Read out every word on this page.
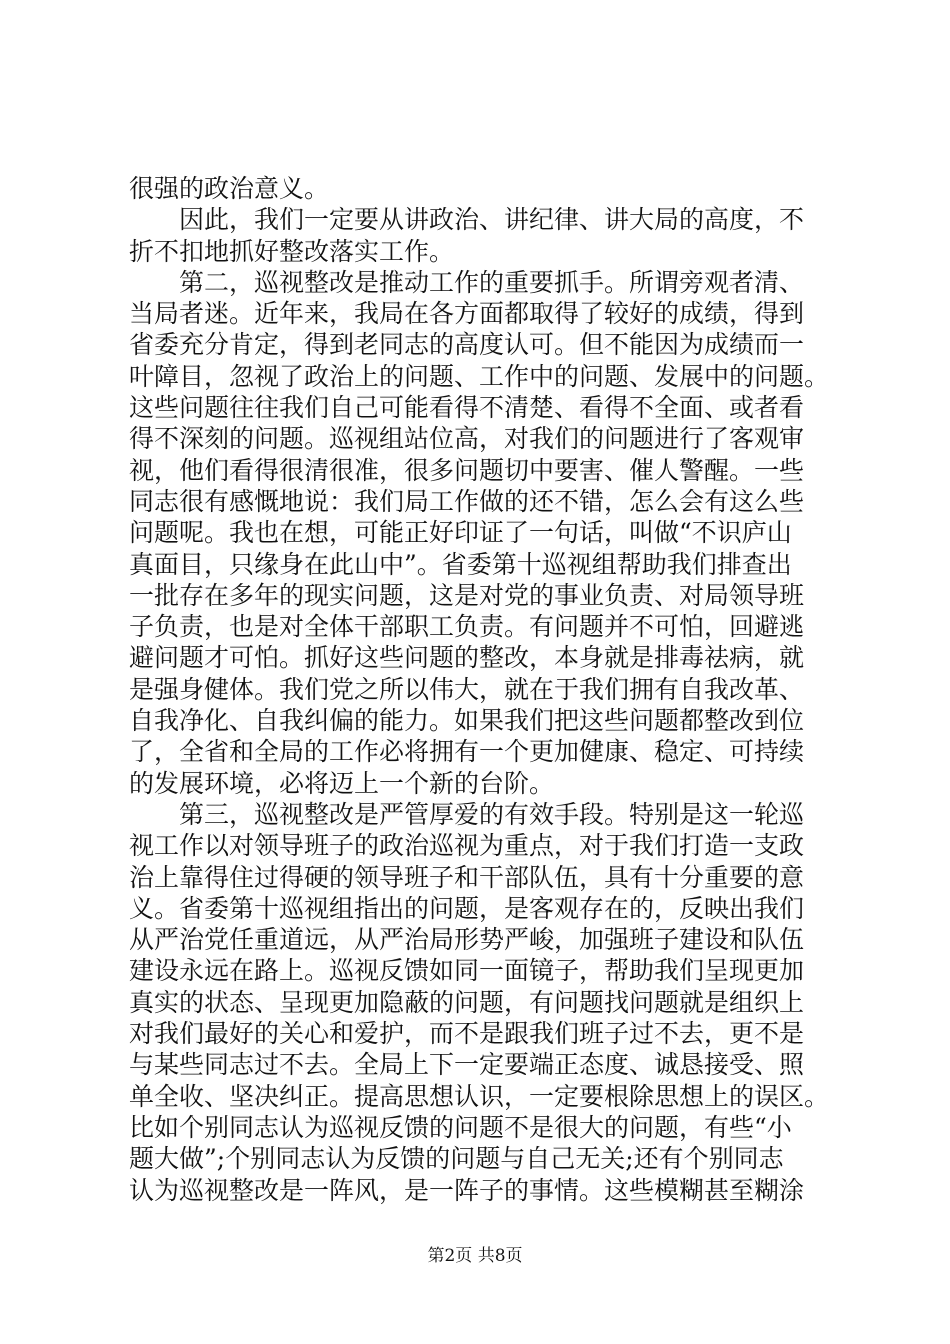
很强的政治意义。
因此，我们一定要从讲政治、讲纪律、讲大局的高度，不
折不扣地抓好整改落实工作。
第二，巡视整改是推动工作的重要抓手。所谓旁观者清、
当局者迷。近年来，我局在各方面都取得了较好的成绩，得到
省委充分肯定，得到老同志的高度认可。但不能因为成绩而一
叶障目，忽视了政治上的问题、工作中的问题、发展中的问题。
这些问题往往我们自己可能看得不清楚、看得不全面、或者看
得不深刻的问题。巡视组站位高，对我们的问题进行了客观审
视，他们看得很清很准，很多问题切中要害、催人警醒。一些
同志很有感慨地说：我们局工作做的还不错，怎么会有这么些
问题呢。我也在想，可能正好印证了一句话，叫做“不识庐山
真面目，只缘身在此山中”。省委第十巡视组帮助我们排查出
一批存在多年的现实问题，这是对党的事业负责、对局领导班
子负责，也是对全体干部职工负责。有问题并不可怕，回避逃
避问题才可怕。抓好这些问题的整改，本身就是排毒祛病，就
是强身健体。我们党之所以伟大，就在于我们拥有自我改革、
自我净化、自我纠偏的能力。如果我们把这些问题都整改到位
了，全省和全局的工作必将拥有一个更加健康、稳定、可持续
的发展环境，必将迈上一个新的台阶。
第三，巡视整改是严管厚爱的有效手段。特别是这一轮巡
视工作以对领导班子的政治巡视为重点，对于我们打造一支政
治上靠得住过得硬的领导班子和干部队伍，具有十分重要的意
义。省委第十巡视组指出的问题，是客观存在的，反映出我们
从严治党任重道远，从严治局形势严峻，加强班子建设和队伍
建设永远在路上。巡视反馈如同一面镜子，帮助我们呈现更加
真实的状态、呈现更加隐蔽的问题，有问题找问题就是组织上
对我们最好的关心和爱护，而不是跟我们班子过不去，更不是
与某些同志过不去。全局上下一定要端正态度、诚恳接受、照
单全收、坚决纠正。提高思想认识，一定要根除思想上的误区。
比如个别同志认为巡视反馈的问题不是很大的问题，有些“小
题大做”;个别同志认为反馈的问题与自己无关;还有个别同志
认为巡视整改是一阵风，是一阵子的事情。这些模糊甚至糊涂
第2页 共8页
